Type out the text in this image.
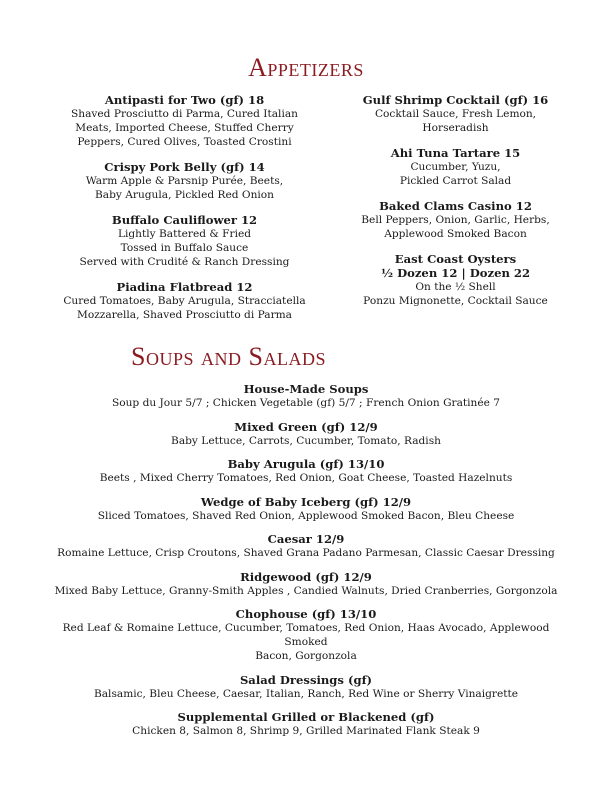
Appetizers
Antipasti for Two (gf) 18
Shaved Prosciutto di Parma, Cured Italian
Meats, Imported Cheese, Stuffed Cherry
Peppers, Cured Olives, Toasted Crostini
Crispy Pork Belly (gf) 14
Warm Apple & Parsnip Purée, Beets,
Baby Arugula, Pickled Red Onion
Buffalo Cauliflower 12
Lightly Battered & Fried
Tossed in Buffalo Sauce
Served with Crudité & Ranch Dressing
Piadina Flatbread 12
Cured Tomatoes, Baby Arugula, Stracciatella
Mozzarella, Shaved Prosciutto di Parma
Gulf Shrimp Cocktail (gf) 16
Cocktail Sauce, Fresh Lemon,
Horseradish
Ahi Tuna Tartare 15
Cucumber, Yuzu,
Pickled Carrot Salad
Baked Clams Casino 12
Bell Peppers, Onion, Garlic, Herbs,
Applewood Smoked Bacon
East Coast Oysters
½ Dozen 12 | Dozen 22
On the ½ Shell
Ponzu Mignonette, Cocktail Sauce
Soups and Salads
House-Made Soups
Soup du Jour 5/7 ; Chicken Vegetable (gf) 5/7 ; French Onion Gratinée 7
Mixed Green (gf) 12/9
Baby Lettuce, Carrots, Cucumber, Tomato, Radish
Baby Arugula (gf) 13/10
Beets , Mixed Cherry Tomatoes, Red Onion, Goat Cheese, Toasted Hazelnuts
Wedge of Baby Iceberg (gf) 12/9
Sliced Tomatoes, Shaved Red Onion, Applewood Smoked Bacon, Bleu Cheese
Caesar 12/9
Romaine Lettuce, Crisp Croutons, Shaved Grana Padano Parmesan, Classic Caesar Dressing
Ridgewood (gf) 12/9
Mixed Baby Lettuce, Granny-Smith Apples , Candied Walnuts, Dried Cranberries, Gorgonzola
Chophouse (gf) 13/10
Red Leaf & Romaine Lettuce, Cucumber, Tomatoes, Red Onion, Haas Avocado, Applewood Smoked
Bacon, Gorgonzola
Salad Dressings (gf)
Balsamic, Bleu Cheese, Caesar, Italian, Ranch, Red Wine or Sherry Vinaigrette
Supplemental Grilled or Blackened (gf)
Chicken 8, Salmon 8, Shrimp 9, Grilled Marinated Flank Steak 9
